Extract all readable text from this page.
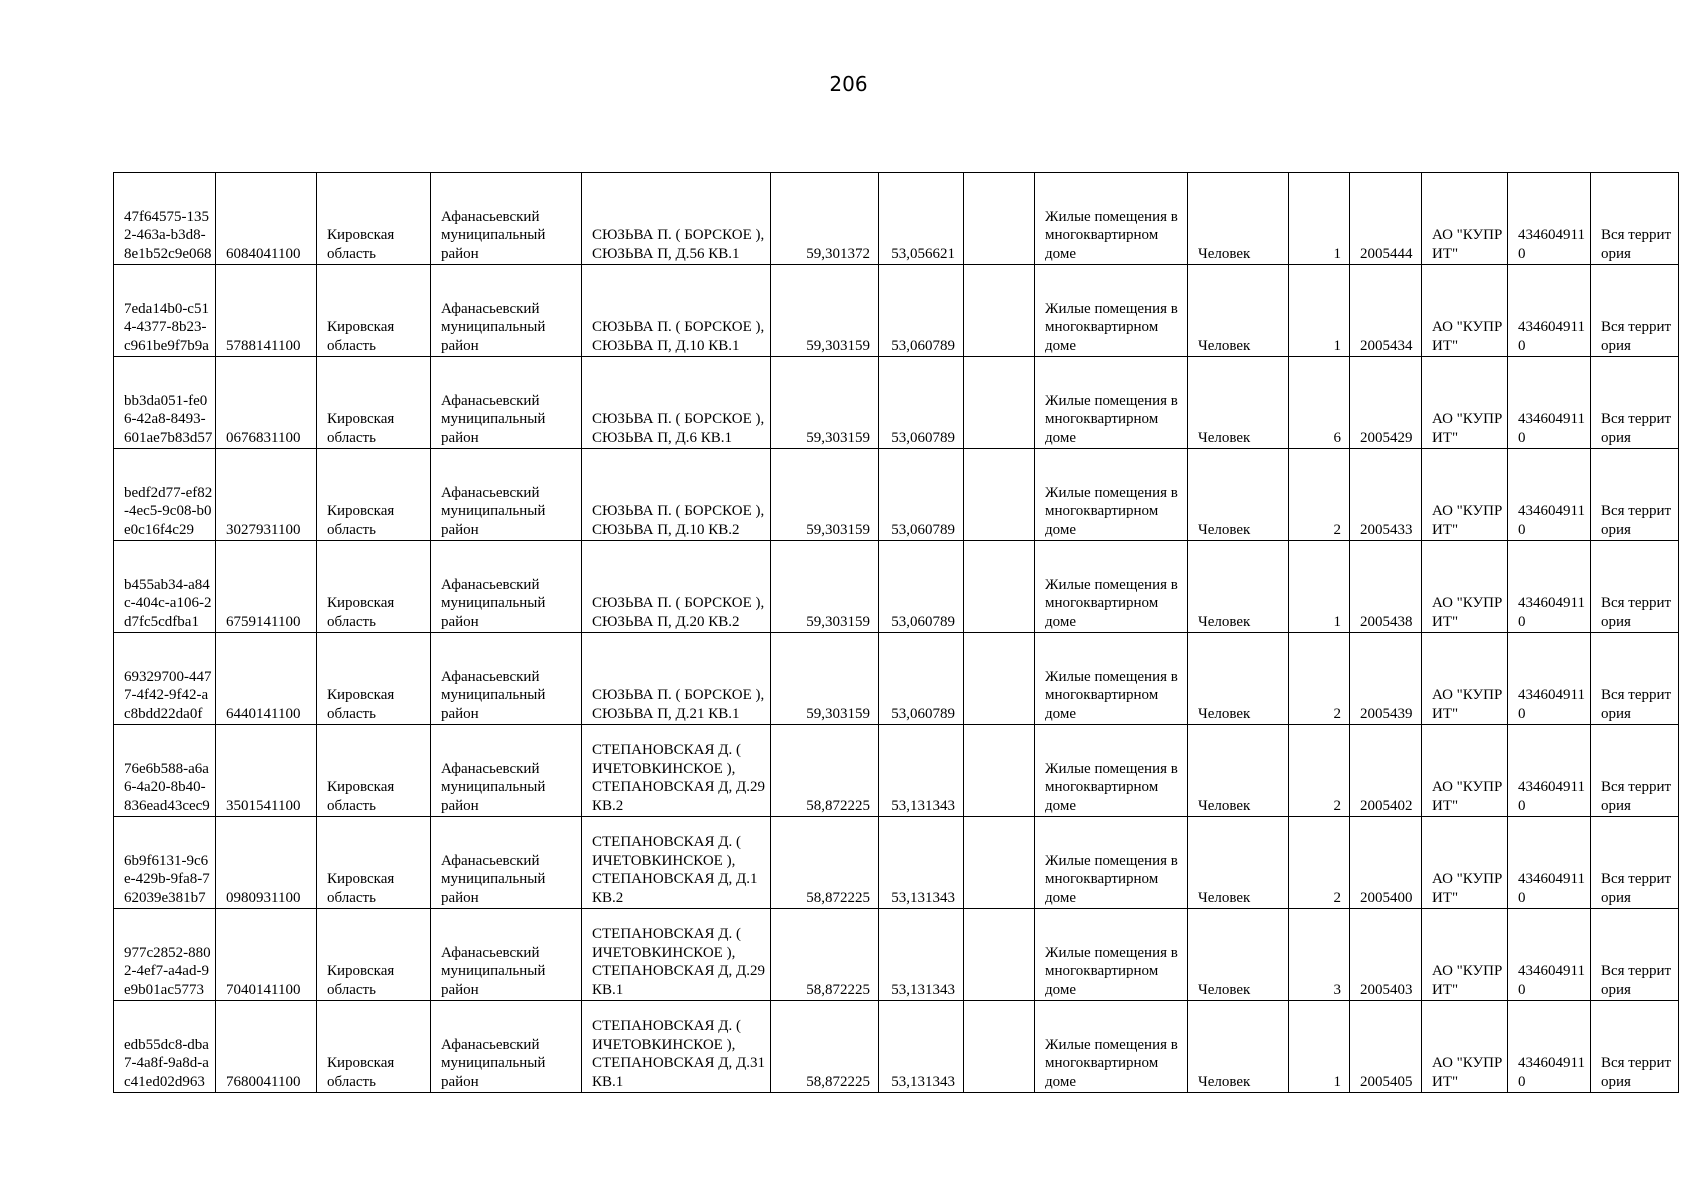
206
47f64575-1352-463a-b3d8-8e1b52c9e068	6084041100	Кировская область	Афанасьевский муниципальный район	СЮЗЬВА П. ( БОРСКОЕ ), СЮЗЬВА П, Д.56 КВ.1	59,301372	53,056621		Жилые помещения в многоквартирном доме	Человек	1	2005444	АО "КУПРИТ"	4346049110	Вся территория
7eda14b0-c514-4377-8b23-c961be9f7b9a	5788141100	Кировская область	Афанасьевский муниципальный район	СЮЗЬВА П. ( БОРСКОЕ ), СЮЗЬВА П, Д.10 КВ.1	59,303159	53,060789		Жилые помещения в многоквартирном доме	Человек	1	2005434	АО "КУПРИТ"	4346049110	Вся территория
bb3da051-fe06-42a8-8493-601ae7b83d57	0676831100	Кировская область	Афанасьевский муниципальный район	СЮЗЬВА П. ( БОРСКОЕ ), СЮЗЬВА П, Д.6 КВ.1	59,303159	53,060789		Жилые помещения в многоквартирном доме	Человек	6	2005429	АО "КУПРИТ"	4346049110	Вся территория
bedf2d77-ef82-4ec5-9c08-b0e0c16f4c29	3027931100	Кировская область	Афанасьевский муниципальный район	СЮЗЬВА П. ( БОРСКОЕ ), СЮЗЬВА П, Д.10 КВ.2	59,303159	53,060789		Жилые помещения в многоквартирном доме	Человек	2	2005433	АО "КУПРИТ"	4346049110	Вся территория
b455ab34-a84c-404c-a106-2d7fc5cdfba1	6759141100	Кировская область	Афанасьевский муниципальный район	СЮЗЬВА П. ( БОРСКОЕ ), СЮЗЬВА П, Д.20 КВ.2	59,303159	53,060789		Жилые помещения в многоквартирном доме	Человек	1	2005438	АО "КУПРИТ"	4346049110	Вся территория
69329700-4477-4f42-9f42-ac8bdd22da0f	6440141100	Кировская область	Афанасьевский муниципальный район	СЮЗЬВА П. ( БОРСКОЕ ), СЮЗЬВА П, Д.21 КВ.1	59,303159	53,060789		Жилые помещения в многоквартирном доме	Человек	2	2005439	АО "КУПРИТ"	4346049110	Вся территория
76e6b588-a6a6-4a20-8b40-836ead43cec9	3501541100	Кировская область	Афанасьевский муниципальный район	СТЕПАНОВСКАЯ Д. ( ИЧЕТОВКИНСКОЕ ), СТЕПАНОВСКАЯ Д, Д.29 КВ.2	58,872225	53,131343		Жилые помещения в многоквартирном доме	Человек	2	2005402	АО "КУПРИТ"	4346049110	Вся территория
6b9f6131-9c6e-429b-9fa8-762039e381b7	0980931100	Кировская область	Афанасьевский муниципальный район	СТЕПАНОВСКАЯ Д. ( ИЧЕТОВКИНСКОЕ ), СТЕПАНОВСКАЯ Д, Д.1 КВ.2	58,872225	53,131343		Жилые помещения в многоквартирном доме	Человек	2	2005400	АО "КУПРИТ"	4346049110	Вся территория
977c2852-8802-4ef7-a4ad-9e9b01ac5773	7040141100	Кировская область	Афанасьевский муниципальный район	СТЕПАНОВСКАЯ Д. ( ИЧЕТОВКИНСКОЕ ), СТЕПАНОВСКАЯ Д, Д.29 КВ.1	58,872225	53,131343		Жилые помещения в многоквартирном доме	Человек	3	2005403	АО "КУПРИТ"	4346049110	Вся территория
edb55dc8-dba7-4a8f-9a8d-ac41ed02d963	7680041100	Кировская область	Афанасьевский муниципальный район	СТЕПАНОВСКАЯ Д. ( ИЧЕТОВКИНСКОЕ ), СТЕПАНОВСКАЯ Д, Д.31 КВ.1	58,872225	53,131343		Жилые помещения в многоквартирном доме	Человек	1	2005405	АО "КУПРИТ"	4346049110	Вся территория
